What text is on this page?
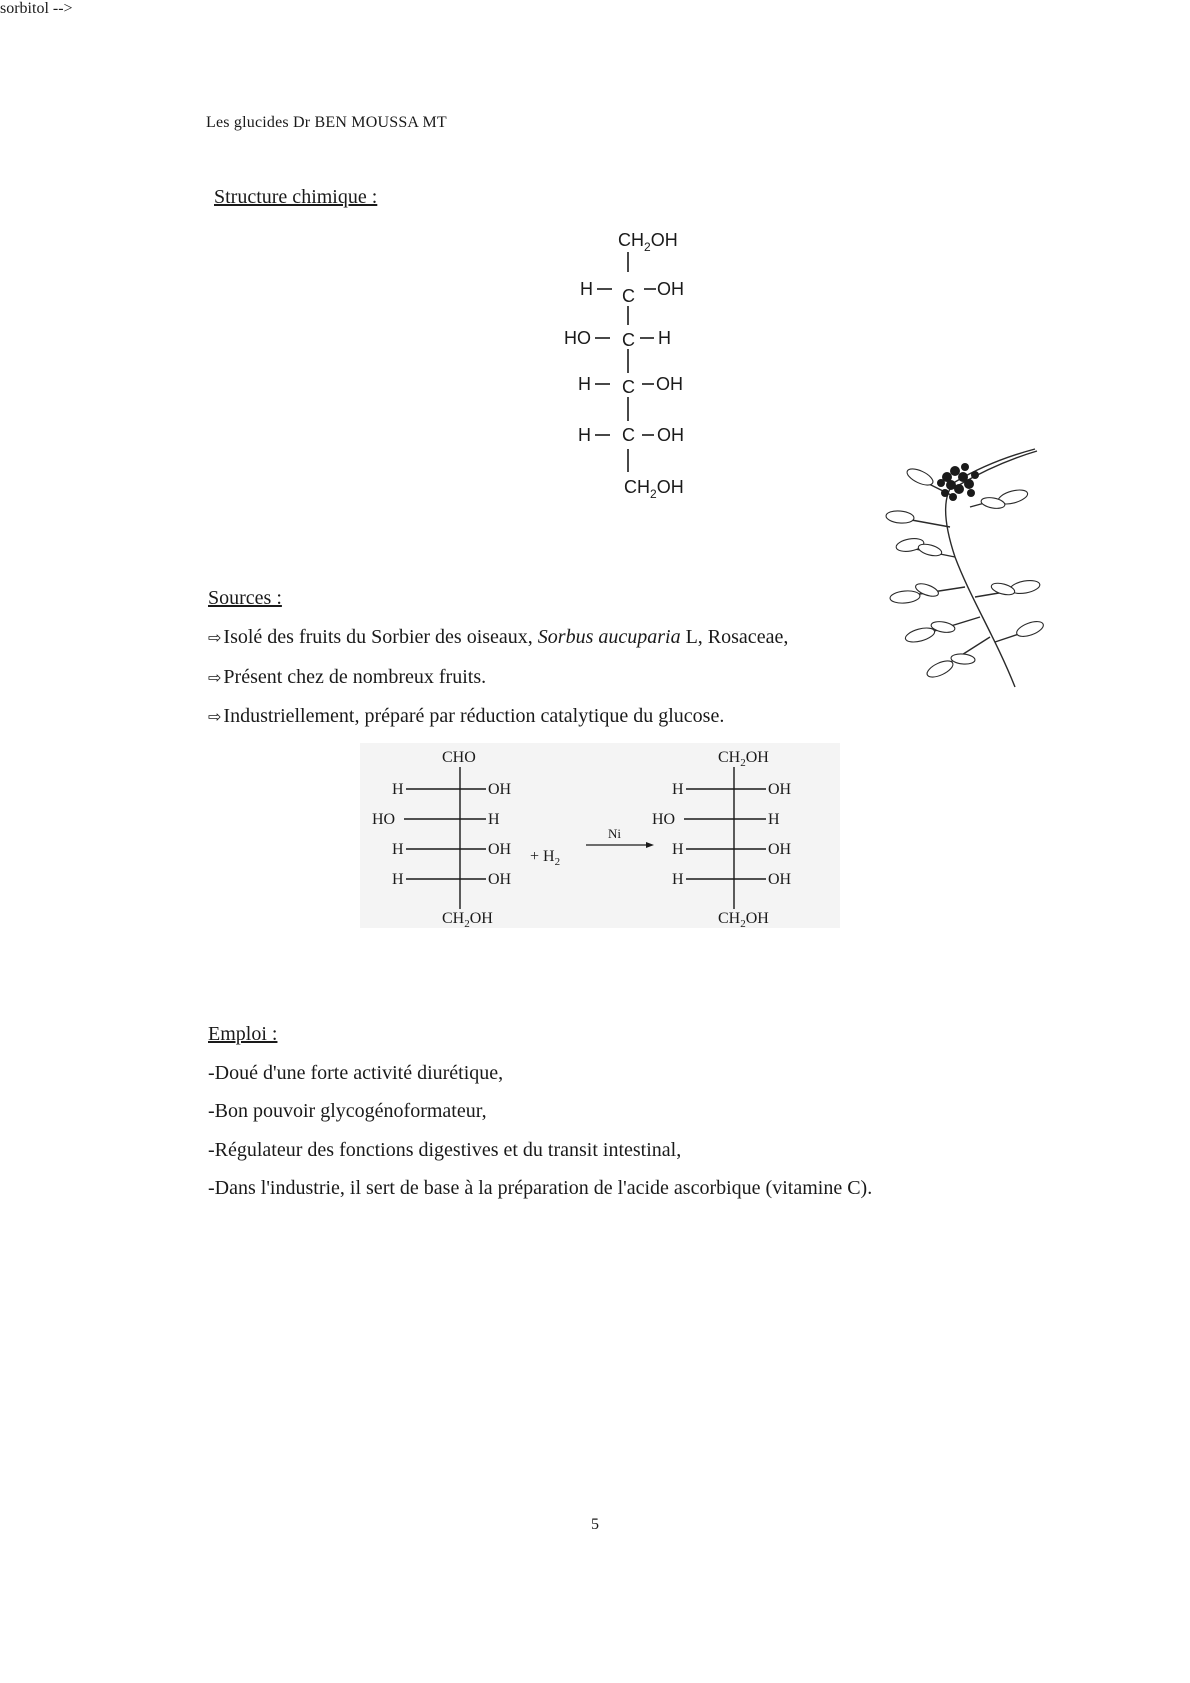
Les glucides Dr BEN MOUSSA MT
Structure chimique :
$CH_2OH$
H C OH
HO C H
H C OH
H C OH
$CH_2OH$
Sources :
⇨ Isolé des fruits du Sorbier des oiseaux, Sorbus aucuparia L, Rosaceae,
⇨ Présent chez de nombreux fruits.
⇨ Industriellement, préparé par réduction catalytique du glucose.
sorbitol -->
CHO
H	OH
HO	H
H	OH
H	OH
$CH_2OH$
+ $H_2$
Ni
$CH_2OH$
H	OH
HO	H
H	OH
H	OH
$CH_2OH$
Emploi :
-Doué d'une forte activité diurétique,
-Bon pouvoir glycogénoformateur,
-Régulateur des fonctions digestives et du transit intestinal,
-Dans l'industrie, il sert de base à la préparation de l'acide ascorbique (vitamine C).
5
